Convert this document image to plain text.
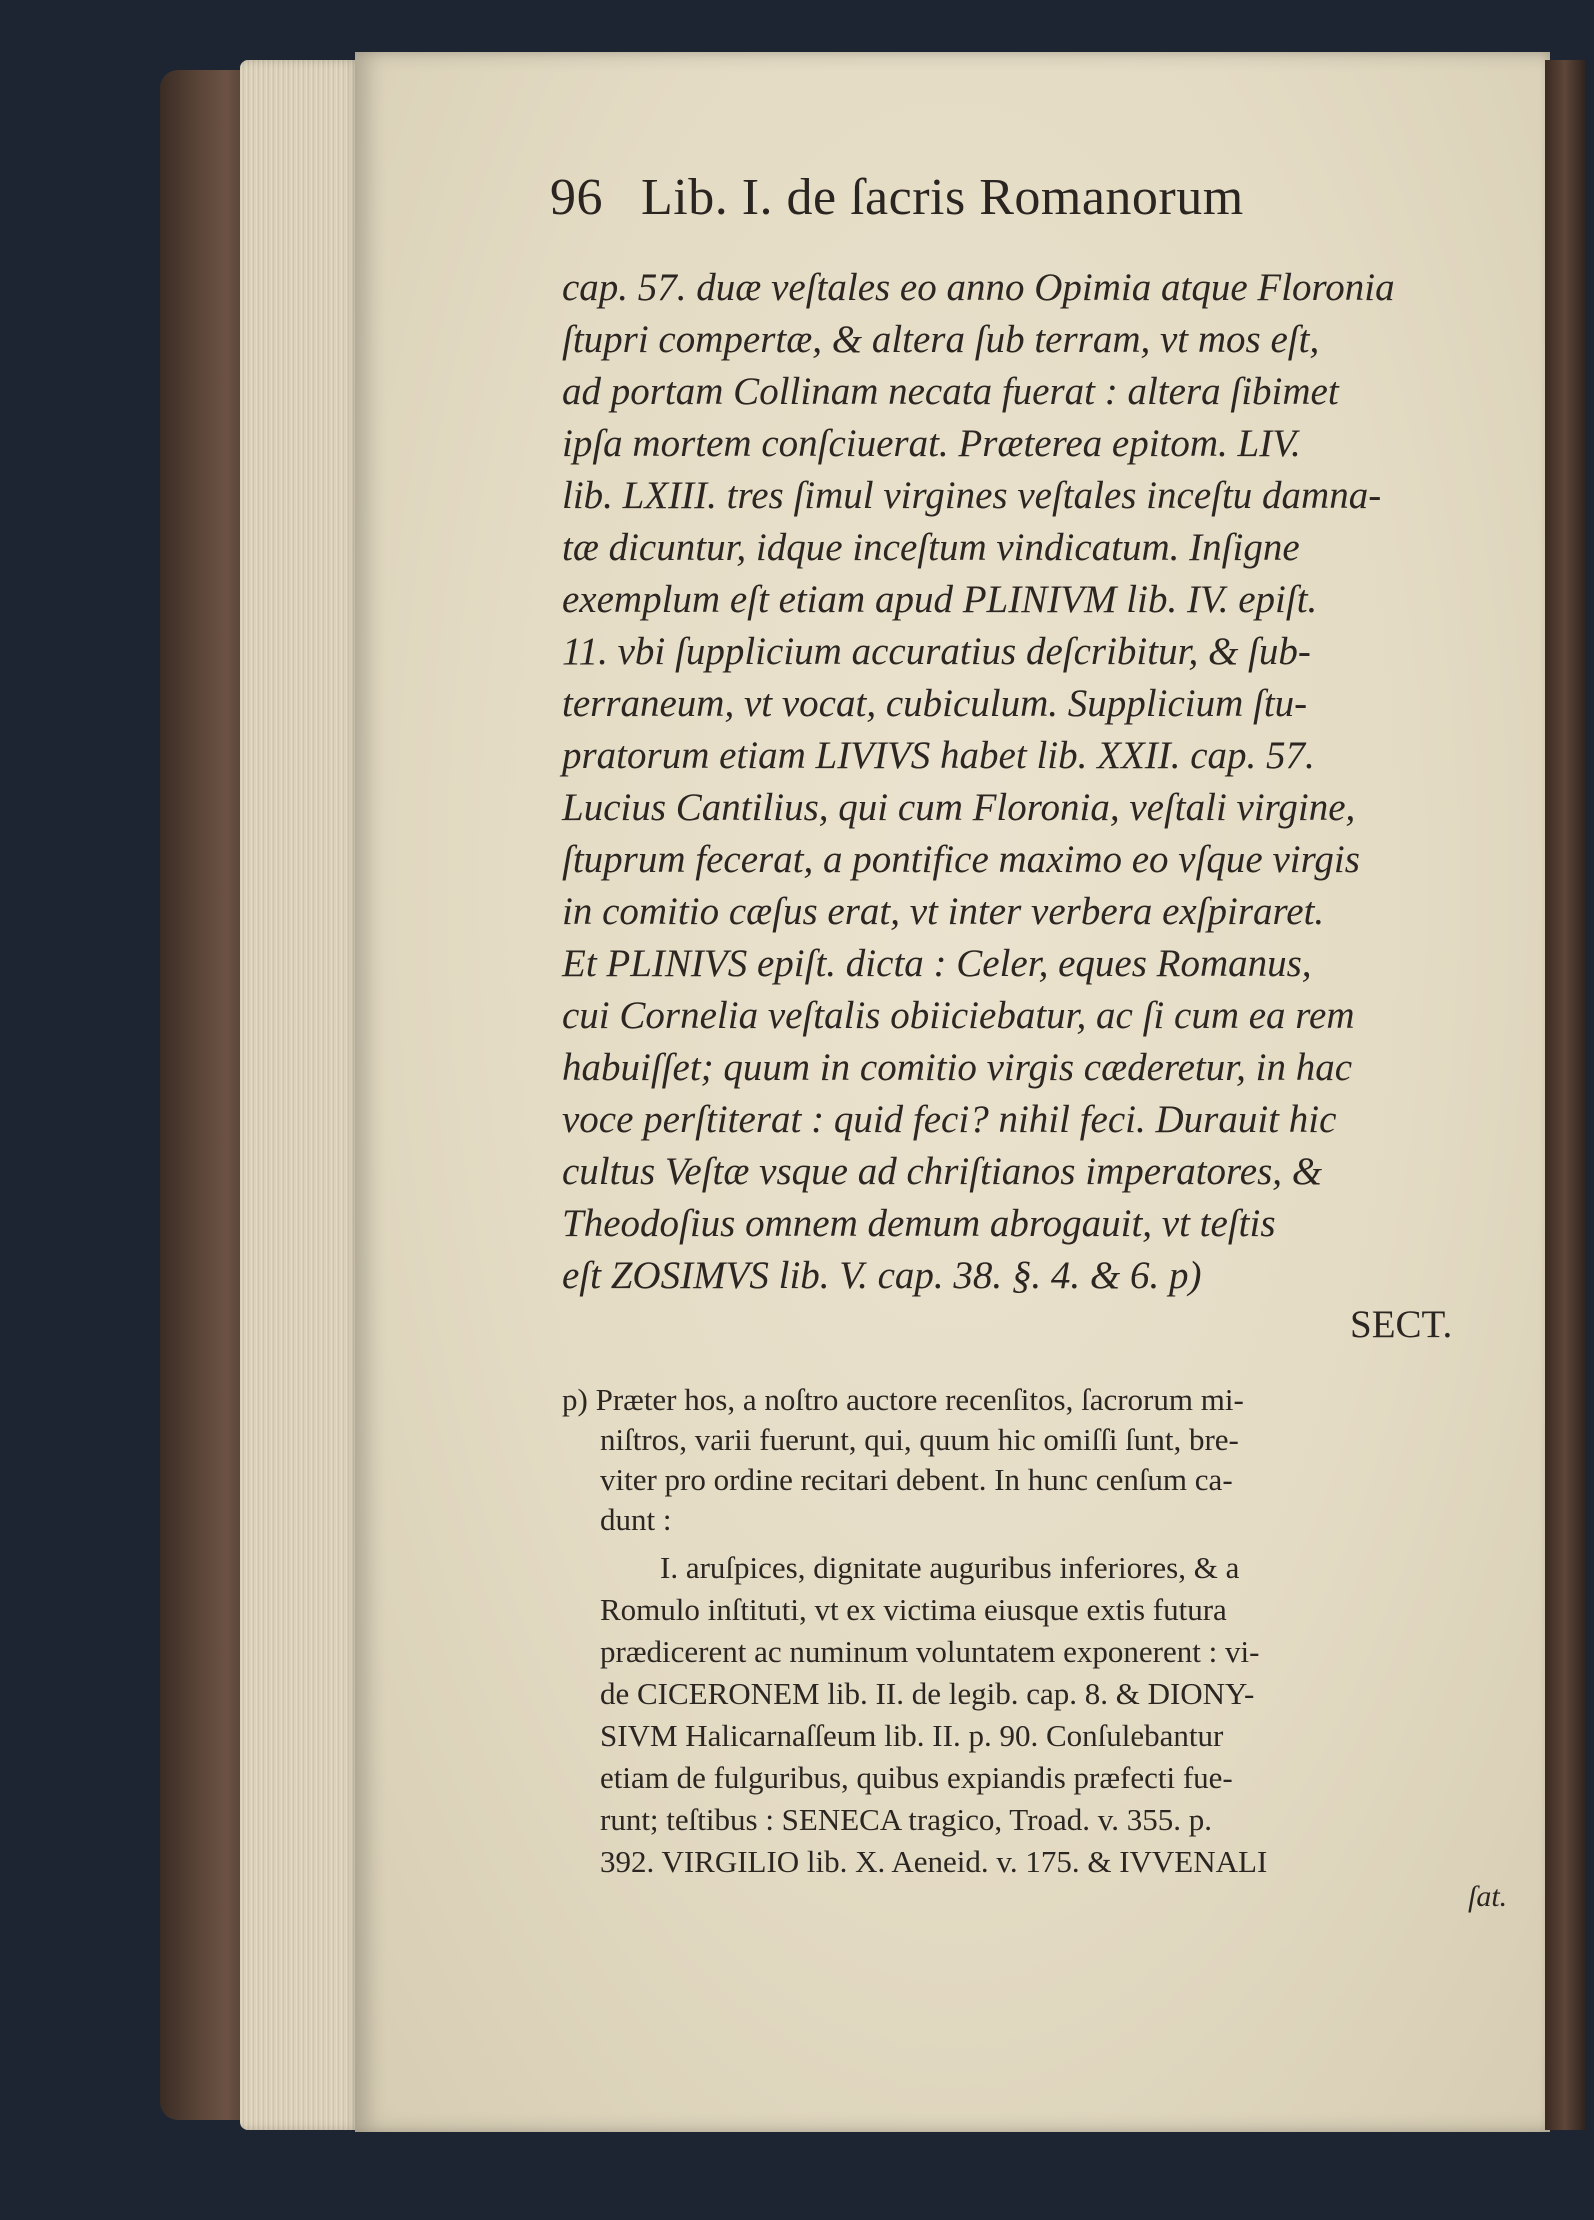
96 Lib. I. de ſacris Romanorum
cap. 57. duæ veſtales eo anno Opimia atque Floronia
ſtupri compertæ, & altera ſub terram, vt mos eſt,
ad portam Collinam necata fuerat : altera ſibimet
ipſa mortem conſciuerat. Præterea epitom. LIV.
lib. LXIII. tres ſimul virgines veſtales inceſtu damna-
tæ dicuntur, idque inceſtum vindicatum. Inſigne
exemplum eſt etiam apud PLINIVM lib. IV. epiſt.
11. vbi ſupplicium accuratius deſcribitur, & ſub-
terraneum, vt vocat, cubiculum. Supplicium ſtu-
pratorum etiam LIVIVS habet lib. XXII. cap. 57.
Lucius Cantilius, qui cum Floronia, veſtali virgine,
ſtuprum fecerat, a pontifice maximo eo vſque virgis
in comitio cæſus erat, vt inter verbera exſpiraret.
Et PLINIVS epiſt. dicta : Celer, eques Romanus,
cui Cornelia veſtalis obiiciebatur, ac ſi cum ea rem
habuiſſet; quum in comitio virgis cæderetur, in hac
voce perſtiterat : quid feci? nihil feci. Durauit hic
cultus Veſtæ vsque ad chriſtianos imperatores, &
Theodoſius omnem demum abrogauit, vt teſtis
eſt ZOSIMVS lib. V. cap. 38. §. 4. & 6. p)
SECT.
p) Præter hos, a noſtro auctore recenſitos, ſacrorum mi-
niſtros, varii fuerunt, qui, quum hic omiſſi ſunt, bre-
viter pro ordine recitari debent. In hunc cenſum ca-
dunt :
I. aruſpices, dignitate auguribus inferiores, & a
Romulo inſtituti, vt ex victima eiusque extis futura
prædicerent ac numinum voluntatem exponerent : vi-
de CICERONEM lib. II. de legib. cap. 8. & DIONY-
SIVM Halicarnaſſeum lib. II. p. 90. Conſulebantur
etiam de fulguribus, quibus expiandis præfecti fue-
runt; teſtibus : SENECA tragico, Troad. v. 355. p.
392. VIRGILIO lib. X. Aeneid. v. 175. & IVVENALI
ſat.
